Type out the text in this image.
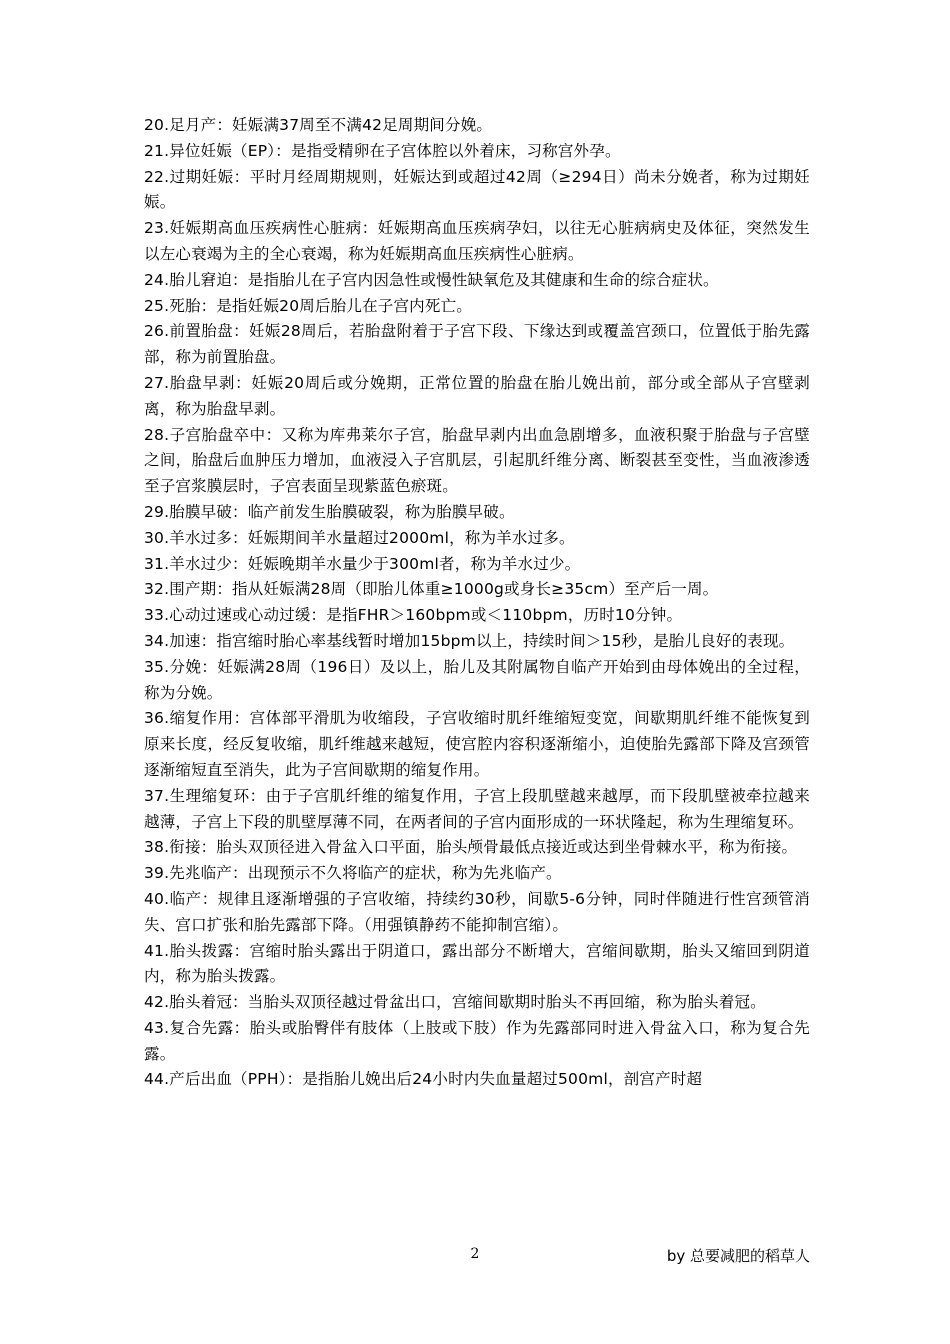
20.足月产：妊娠满37周至不满42足周期间分娩。

21.异位妊娠（EP）：是指受精卵在子宫体腔以外着床，习称宫外孕。

22.过期妊娠：平时月经周期规则，妊娠达到或超过42周（≥294日）尚未分娩者，称为过期妊娠。

23.妊娠期高血压疾病性心脏病：妊娠期高血压疾病孕妇，以往无心脏病病史及体征，突然发生以左心衰竭为主的全心衰竭，称为妊娠期高血压疾病性心脏病。

24.胎儿窘迫：是指胎儿在子宫内因急性或慢性缺氧危及其健康和生命的综合症状。

25.死胎：是指妊娠20周后胎儿在子宫内死亡。

26.前置胎盘：妊娠28周后，若胎盘附着于子宫下段、下缘达到或覆盖宫颈口，位置低于胎先露部，称为前置胎盘。

27.胎盘早剥：妊娠20周后或分娩期，正常位置的胎盘在胎儿娩出前，部分或全部从子宫壁剥离，称为胎盘早剥。

28.子宫胎盘卒中：又称为库弗莱尔子宫，胎盘早剥内出血急剧增多，血液积聚于胎盘与子宫壁之间，胎盘后血肿压力增加，血液浸入子宫肌层，引起肌纤维分离、断裂甚至变性，当血液渗透至子宫浆膜层时，子宫表面呈现紫蓝色瘀斑。

29.胎膜早破：临产前发生胎膜破裂，称为胎膜早破。

30.羊水过多：妊娠期间羊水量超过2000ml，称为羊水过多。

31.羊水过少：妊娠晚期羊水量少于300ml者，称为羊水过少。

32.围产期：指从妊娠满28周（即胎儿体重≥1000g或身长≥35cm）至产后一周。

33.心动过速或心动过缓：是指FHR＞160bpm或＜110bpm，历时10分钟。

34.加速：指宫缩时胎心率基线暂时增加15bpm以上，持续时间＞15秒，是胎儿良好的表现。

35.分娩：妊娠满28周（196日）及以上，胎儿及其附属物自临产开始到由母体娩出的全过程，称为分娩。

36.缩复作用：宫体部平滑肌为收缩段，子宫收缩时肌纤维缩短变宽，间歇期肌纤维不能恢复到原来长度，经反复收缩，肌纤维越来越短，使宫腔内容积逐渐缩小，迫使胎先露部下降及宫颈管逐渐缩短直至消失，此为子宫间歇期的缩复作用。

37.生理缩复环：由于子宫肌纤维的缩复作用，子宫上段肌壁越来越厚，而下段肌壁被牵拉越来越薄，子宫上下段的肌壁厚薄不同，在两者间的子宫内面形成的一环状隆起，称为生理缩复环。

38.衔接：胎头双顶径进入骨盆入口平面，胎头颅骨最低点接近或达到坐骨棘水平，称为衔接。

39.先兆临产：出现预示不久将临产的症状，称为先兆临产。

40.临产：规律且逐渐增强的子宫收缩，持续约30秒，间歇5-6分钟，同时伴随进行性宫颈管消失、宫口扩张和胎先露部下降。（用强镇静药不能抑制宫缩）。

41.胎头拨露：宫缩时胎头露出于阴道口，露出部分不断增大，宫缩间歇期，胎头又缩回到阴道内，称为胎头拨露。

42.胎头着冠：当胎头双顶径越过骨盆出口，宫缩间歇期时胎头不再回缩，称为胎头着冠。

43.复合先露：胎头或胎臀伴有肢体（上肢或下肢）作为先露部同时进入骨盆入口，称为复合先露。

44.产后出血（PPH）：是指胎儿娩出后24小时内失血量超过500ml，剖宫产时超

2	by 总要减肥的稻草人
